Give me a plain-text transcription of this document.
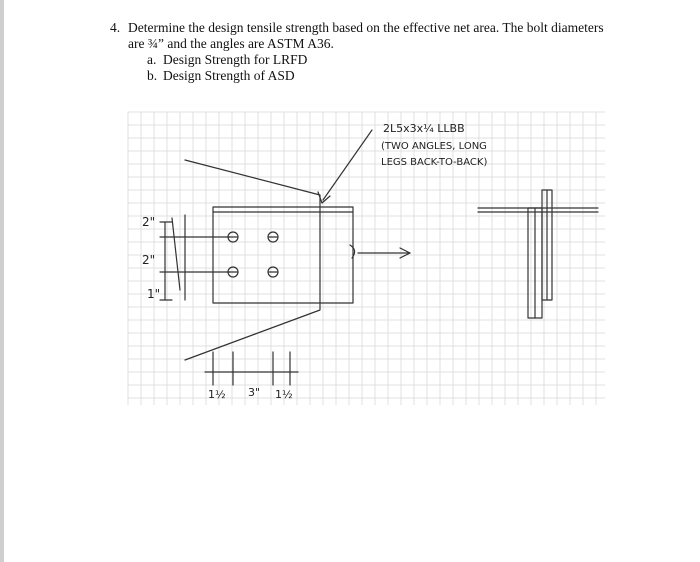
4. Determine the design tensile strength based on the effective net area. The bolt diameters
are ¾” and the angles are ASTM A36.
a. Design Strength for LRFD
b. Design Strength of ASD
2L5x3x¼ LLBB
(TWO ANGLES, LONG
LEGS BACK-TO-BACK)
2"
2"
1"
1½ 3" 1½
